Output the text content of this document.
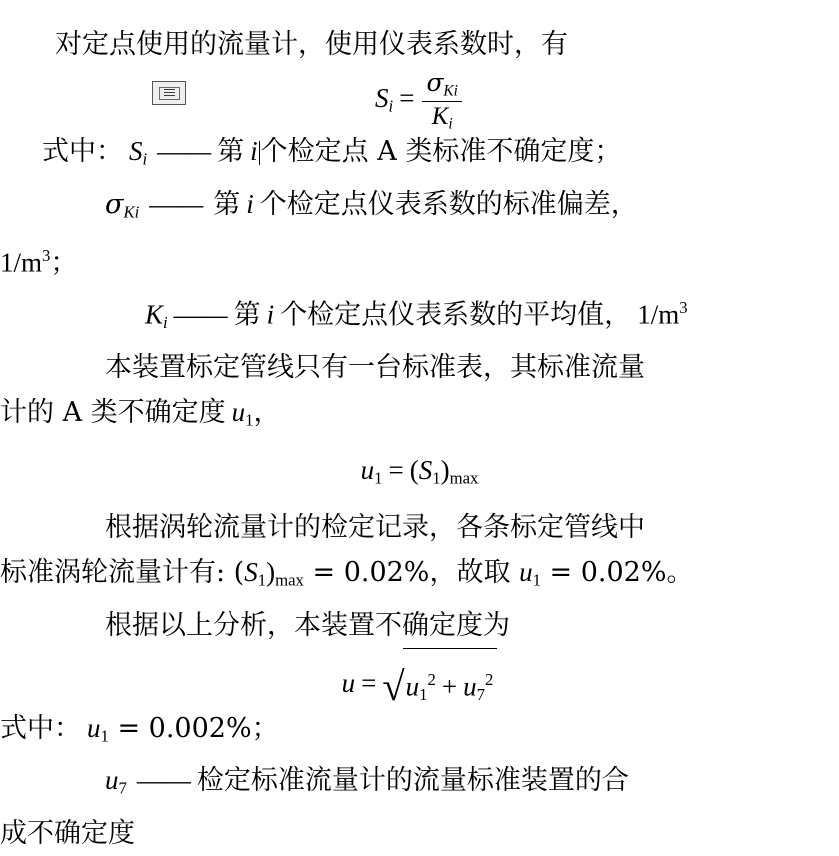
对定点使用的流量计，使用仪表系数时，有
$S_i = \frac{\sigma_{Ki}}{K_i}$
式中： $S_i$ —— 第 i 个检定点 A 类标准不确定度；
$\sigma_{Ki}$ —— 第 i 个检定点仪表系数的标准偏差，
$1/m^3$；
$K_i$ —— 第 i 个检定点仪表系数的平均值， $1/m^3$
本装置标定管线只有一台标准表，其标准流量
计的 A 类不确定度 u1，
u1 = (S1)max
根据涡轮流量计的检定记录，各条标定管线中
标准涡轮流量计有: (S1)max = 0.02%，故取 u1 = 0.02%。
根据以上分析，本装置不确定度为
$u = √u1^2 + u7^2$
式中： u1 = 0.002%；
u7 —— 检定标准流量计的流量标准装置的合
成不确定度
